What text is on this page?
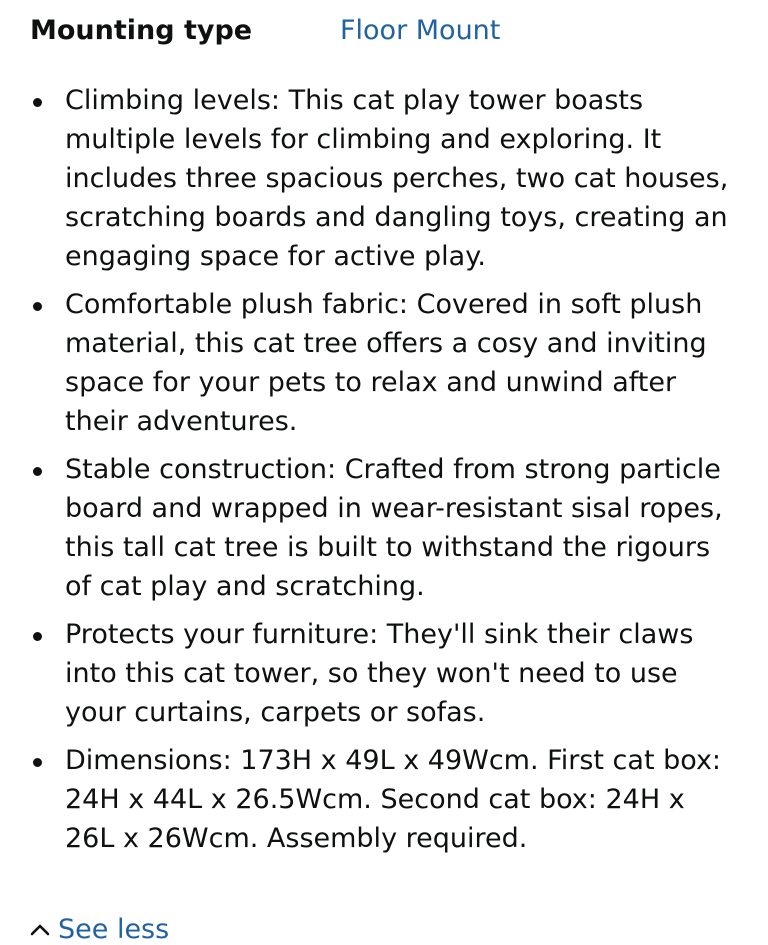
Mounting type	Floor Mount
Climbing levels: This cat play tower boasts multiple levels for climbing and exploring. It includes three spacious perches, two cat houses, scratching boards and dangling toys, creating an engaging space for active play.
Comfortable plush fabric: Covered in soft plush material, this cat tree offers a cosy and inviting space for your pets to relax and unwind after their adventures.
Stable construction: Crafted from strong particle board and wrapped in wear-resistant sisal ropes, this tall cat tree is built to withstand the rigours of cat play and scratching.
Protects your furniture: They'll sink their claws into this cat tower, so they won't need to use your curtains, carpets or sofas.
Dimensions: 173H x 49L x 49Wcm. First cat box: 24H x 44L x 26.5Wcm. Second cat box: 24H x 26L x 26Wcm. Assembly required.
See less
